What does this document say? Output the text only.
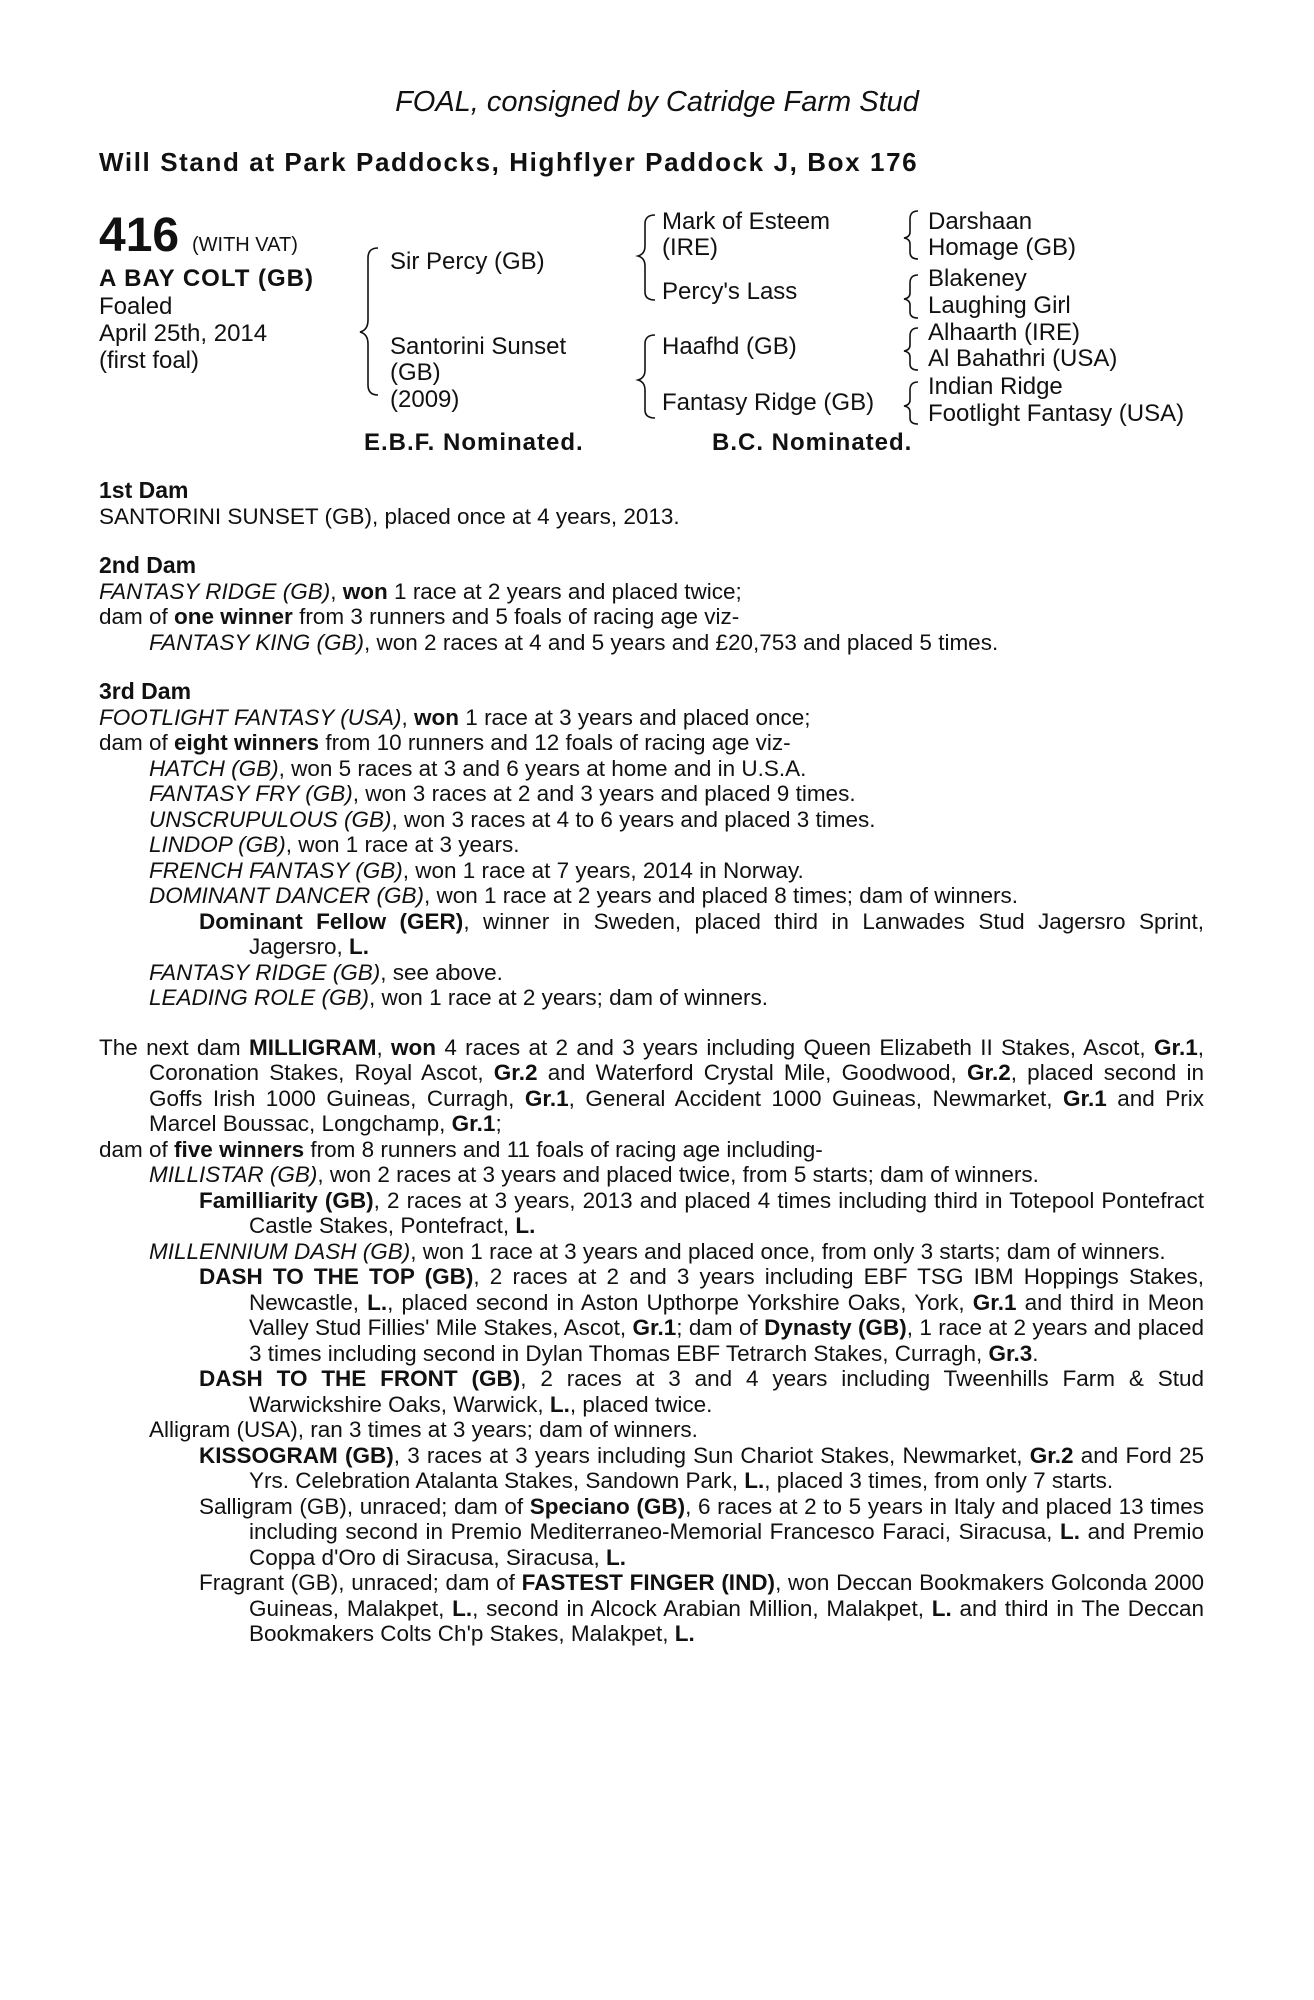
FOAL, consigned by Catridge Farm Stud
Will Stand at Park Paddocks, Highflyer Paddock J, Box 176
416 (WITH VAT)
A BAY COLT (GB)
Foaled
April 25th, 2014
(first foal)
Sir Percy (GB)
Santorini Sunset
(GB)
(2009)
Mark of Esteem
(IRE)
Percy's Lass
Haafhd (GB)
Fantasy Ridge (GB)
Darshaan
Homage (GB)
Blakeney
Laughing Girl
Alhaarth (IRE)
Al Bahathri (USA)
Indian Ridge
Footlight Fantasy (USA)
E.B.F. Nominated.	B.C. Nominated.

1st Dam

SANTORINI SUNSET (GB), placed once at 4 years, 2013.

2nd Dam

FANTASY RIDGE (GB), won 1 race at 2 years and placed twice;

dam of one winner from 3 runners and 5 foals of racing age viz-

FANTASY KING (GB), won 2 races at 4 and 5 years and £20,753 and placed 5 times.

3rd Dam

FOOTLIGHT FANTASY (USA), won 1 race at 3 years and placed once;

dam of eight winners from 10 runners and 12 foals of racing age viz-

HATCH (GB), won 5 races at 3 and 6 years at home and in U.S.A.

FANTASY FRY (GB), won 3 races at 2 and 3 years and placed 9 times.

UNSCRUPULOUS (GB), won 3 races at 4 to 6 years and placed 3 times.

LINDOP (GB), won 1 race at 3 years.

FRENCH FANTASY (GB), won 1 race at 7 years, 2014 in Norway.

DOMINANT DANCER (GB), won 1 race at 2 years and placed 8 times; dam of winners.

Dominant Fellow (GER), winner in Sweden, placed third in Lanwades Stud Jagersro Sprint, Jagersro, L.

FANTASY RIDGE (GB), see above.

LEADING ROLE (GB), won 1 race at 2 years; dam of winners.

The next dam MILLIGRAM, won 4 races at 2 and 3 years including Queen Elizabeth II Stakes, Ascot, Gr.1, Coronation Stakes, Royal Ascot, Gr.2 and Waterford Crystal Mile, Goodwood, Gr.2, placed second in Goffs Irish 1000 Guineas, Curragh, Gr.1, General Accident 1000 Guineas, Newmarket, Gr.1 and Prix Marcel Boussac, Longchamp, Gr.1;

dam of five winners from 8 runners and 11 foals of racing age including-

MILLISTAR (GB), won 2 races at 3 years and placed twice, from 5 starts; dam of winners.

Familliarity (GB), 2 races at 3 years, 2013 and placed 4 times including third in Totepool Pontefract Castle Stakes, Pontefract, L.

MILLENNIUM DASH (GB), won 1 race at 3 years and placed once, from only 3 starts; dam of winners.

DASH TO THE TOP (GB), 2 races at 2 and 3 years including EBF TSG IBM Hoppings Stakes, Newcastle, L., placed second in Aston Upthorpe Yorkshire Oaks, York, Gr.1 and third in Meon Valley Stud Fillies' Mile Stakes, Ascot, Gr.1; dam of Dynasty (GB), 1 race at 2 years and placed 3 times including second in Dylan Thomas EBF Tetrarch Stakes, Curragh, Gr.3.

DASH TO THE FRONT (GB), 2 races at 3 and 4 years including Tweenhills Farm & Stud Warwickshire Oaks, Warwick, L., placed twice.

Alligram (USA), ran 3 times at 3 years; dam of winners.

KISSOGRAM (GB), 3 races at 3 years including Sun Chariot Stakes, Newmarket, Gr.2 and Ford 25 Yrs. Celebration Atalanta Stakes, Sandown Park, L., placed 3 times, from only 7 starts.

Salligram (GB), unraced; dam of Speciano (GB), 6 races at 2 to 5 years in Italy and placed 13 times including second in Premio Mediterraneo-Memorial Francesco Faraci, Siracusa, L. and Premio Coppa d'Oro di Siracusa, Siracusa, L.

Fragrant (GB), unraced; dam of FASTEST FINGER (IND), won Deccan Bookmakers Golconda 2000 Guineas, Malakpet, L., second in Alcock Arabian Million, Malakpet, L. and third in The Deccan Bookmakers Colts Ch'p Stakes, Malakpet, L.
